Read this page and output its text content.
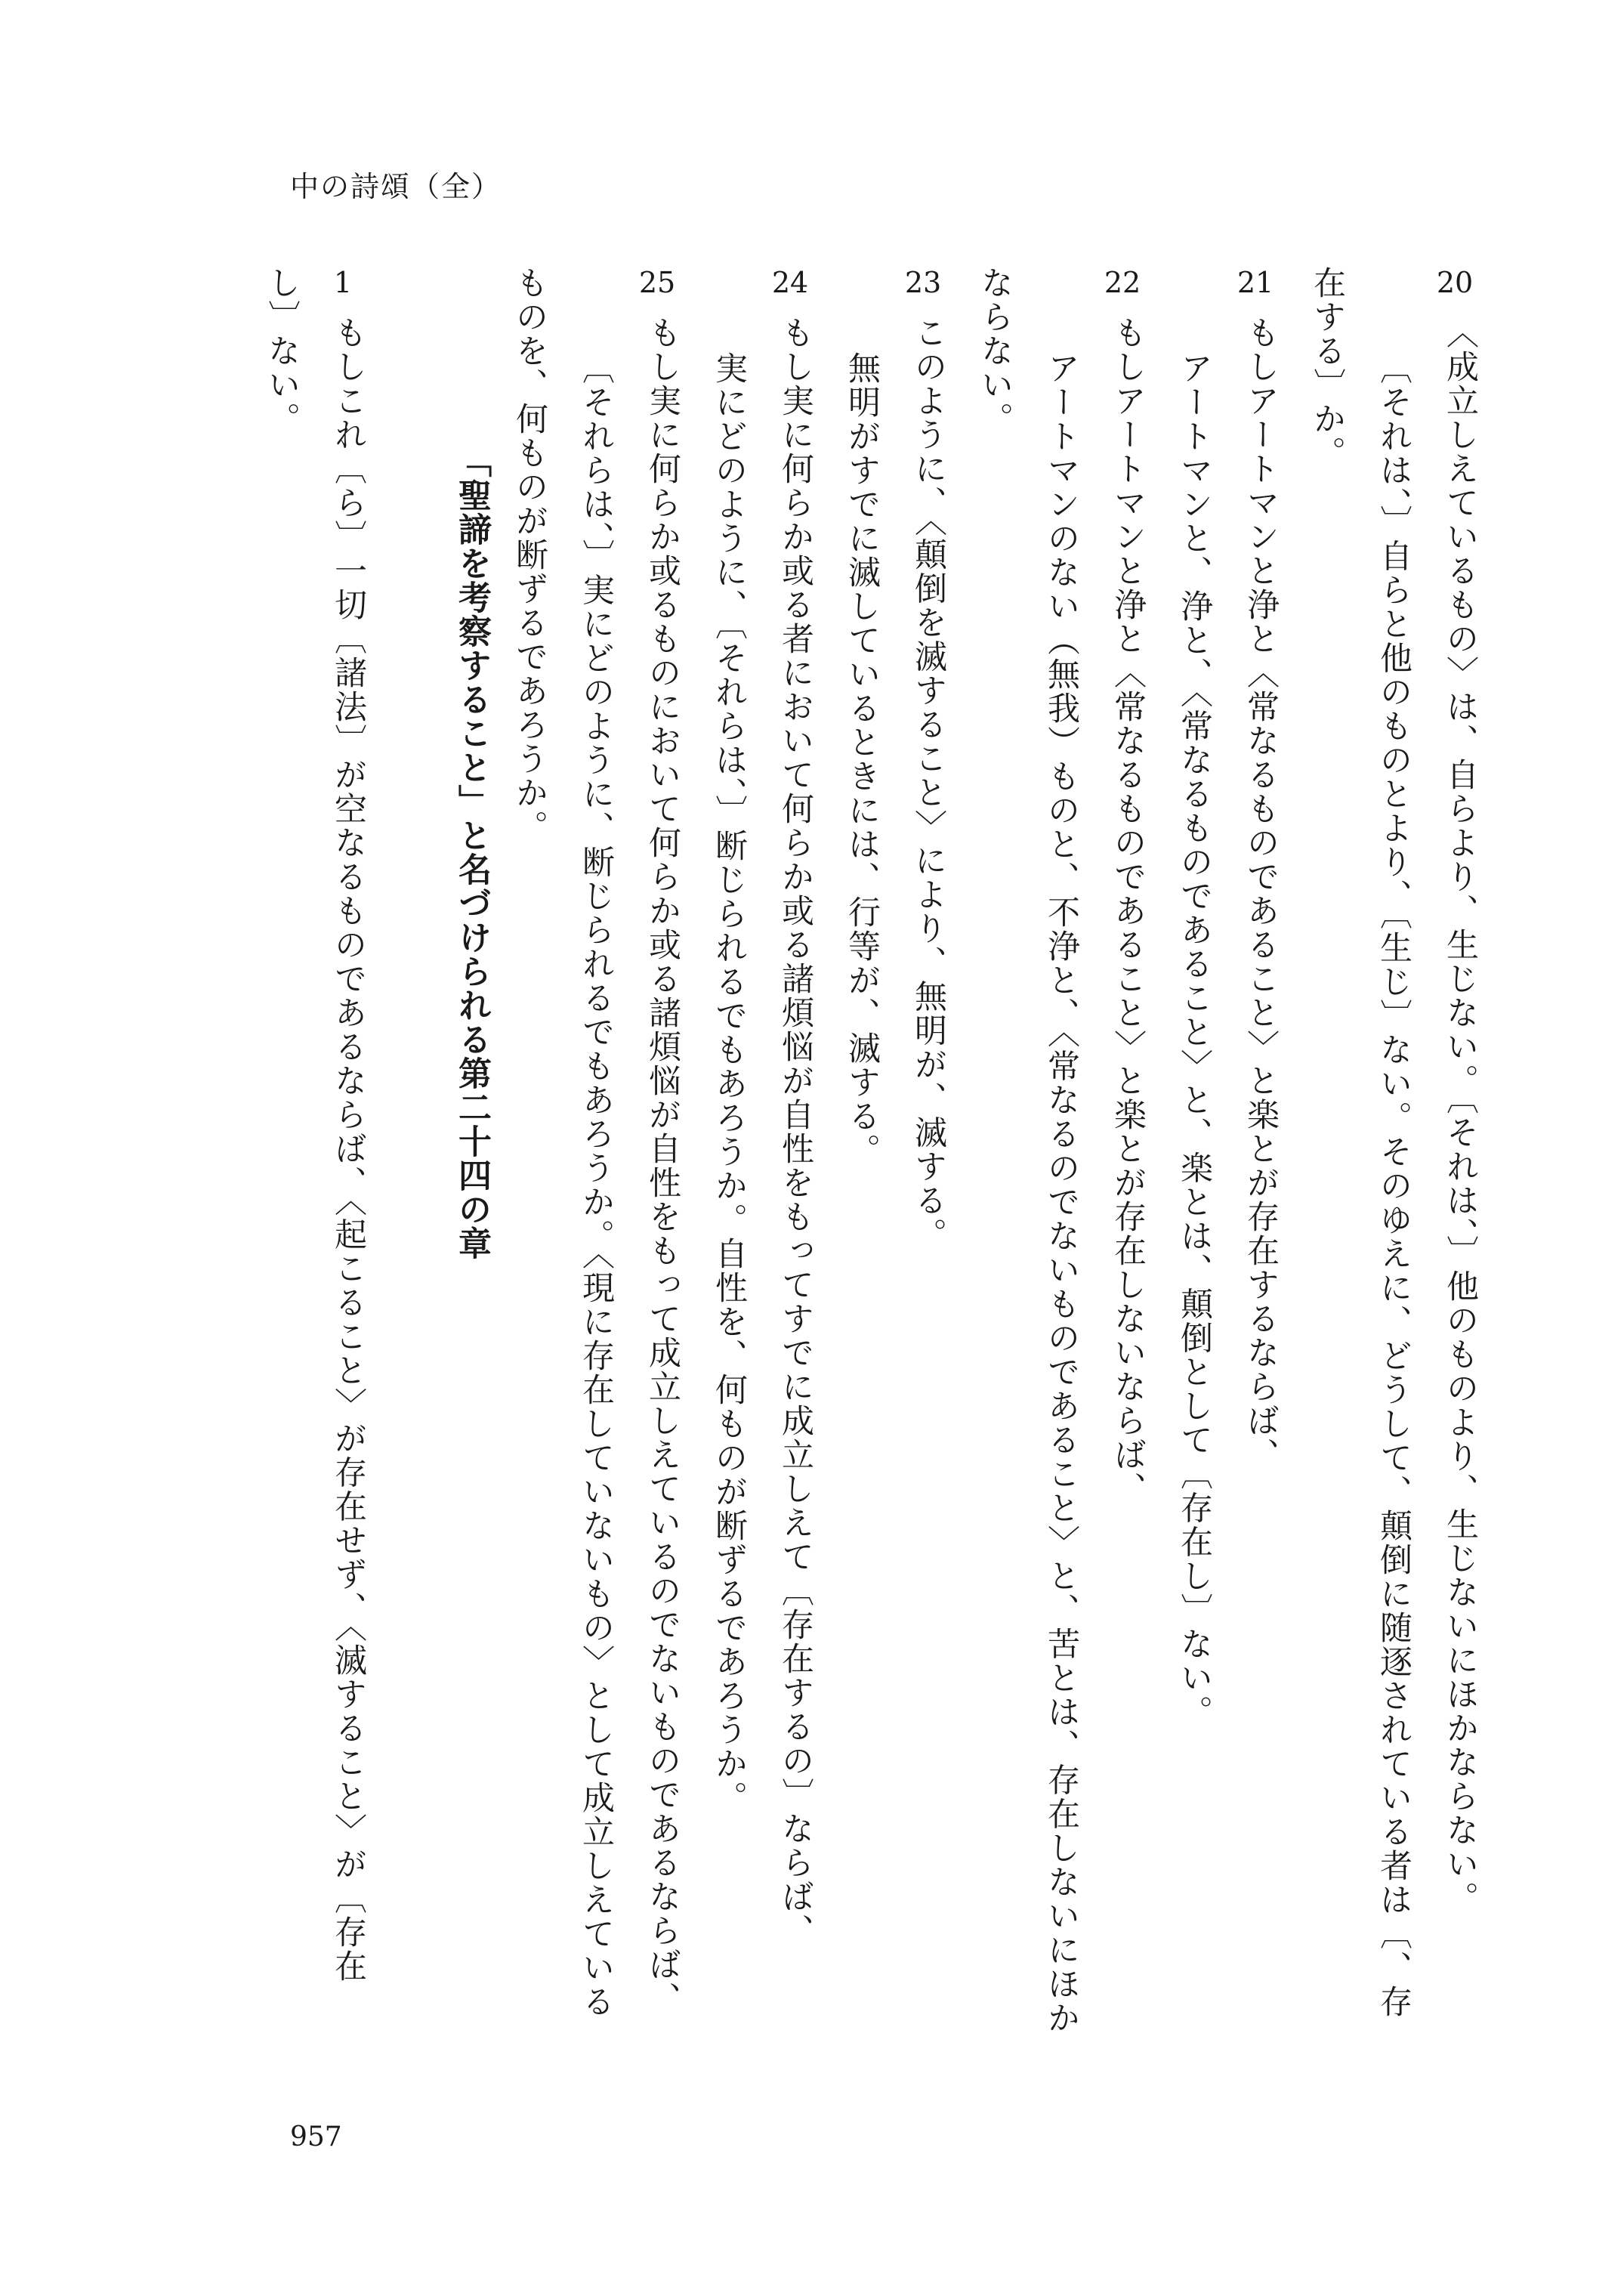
中の詩頌（全）
20
〈成立しえているもの〉は、自らより、生じない。〔それは、〕他のものより、生じないにほかならない。
〔それは、〕自らと他のものとより、〔生じ〕ない。そのゆえに、どうして、顛倒に随逐されている者は〔、存
在する〕か。
21
もしアートマンと浄と〈常なるものであること〉と楽とが存在するならば、
アートマンと、浄と、〈常なるものであること〉と、楽とは、顛倒として〔存在し〕ない。
22
もしアートマンと浄と〈常なるものであること〉と楽とが存在しないならば、
アートマンのない（無我）ものと、不浄と、〈常なるのでないものであること〉と、苦とは、存在しないにほか
ならない。
23
このように、〈顛倒を滅すること〉により、無明が、滅する。
無明がすでに滅しているときには、行等が、滅する。
24
もし実に何らか或る者において何らか或る諸煩悩が自性をもってすでに成立しえて〔存在するの〕ならば、
実にどのように、〔それらは、〕断じられるでもあろうか。自性を、何ものが断ずるであろうか。
25
もし実に何らか或るものにおいて何らか或る諸煩悩が自性をもって成立しえているのでないものであるならば、
〔それらは、〕実にどのように、断じられるでもあろうか。〈現に存在していないもの〉として成立しえている
ものを、何ものが断ずるであろうか。
「聖諦を考察すること」と名づけられる第二十四の章
1
もしこれ〔ら〕一切〔諸法〕が空なるものであるならば、〈起こること〉が存在せず、〈滅すること〉が〔存在
し〕ない。
957
